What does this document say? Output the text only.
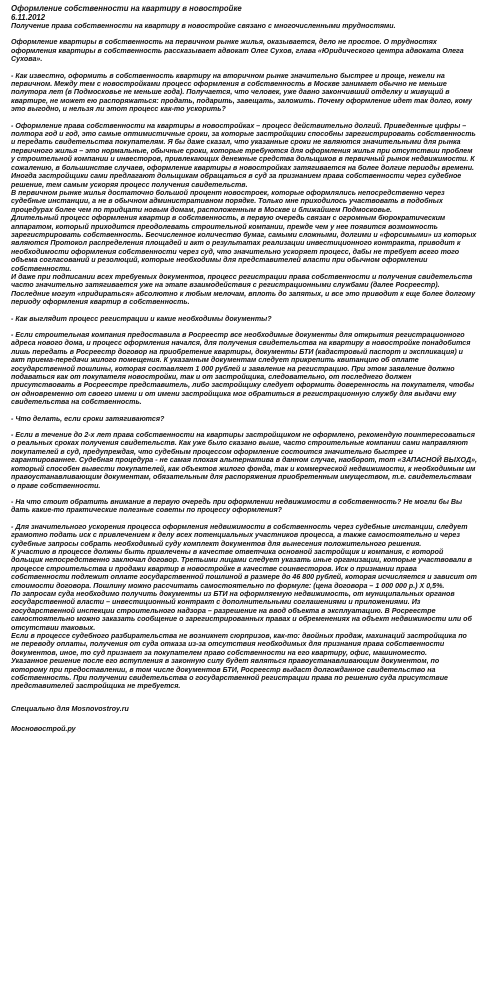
Оформление собственности на квартиру в новостройке
6.11.2012
Получение права собственности на квартиру в новостройке связано с многочисленными трудностями.

Оформление квартиры в собственность на первичном рынке жилья, оказывается, дело не простое. О трудностях оформления квартиры в собственность рассказывает адвокат Олег Сухов, глава «Юридического центра адвоката Олега Сухова».

- Как известно, оформить в собственность квартиру на вторичном рынке значительно быстрее и проще, нежели на первичном. Между тем с новостройками процесс оформления в собственность в Москве занимает обычно не меньше полутора лет (в Подмосковье не меньше года). Получается, что человек, уже давно закончивший отделку и живущий в квартире, не может ею распоряжаться: продать, подарить, завещать, заложить. Почему оформление идет так долго, кому это выгодно, и нельзя ли этот процесс как-то ускорить?

- Оформление права собственности на квартиры в новостройках – процесс действительно долгий. Приведенные цифры – полтора год и год, это самые оптимистичные сроки, за которые застройщики способны зарегистрировать собственность и передать свидетельства покупателям. Я бы даже сказал, что указанные сроки не являются значительными для рынка первичного жилья – это нормальные, обычные сроки, которые требуются для оформления жилья при отсутствии проблем у строительной компании и инвесторов, привлекающих денежные средства дольщиков в первичный рынок недвижимости. К сожалению, в большинстве случаев, оформление квартиры в новостройках затягивается на более долгие периоды времени. Иногда застройщики сами предлагают дольщикам обращаться в суд за признанием права собственности через судебное решение, тем самым ускоряя процесс получения свидетельств.

В первичном рынке жилья достаточно большой процент новостроек, которые оформлялись непосредственно через судебные инстанции, а не в обычном административном порядке. Только мне приходилось участвовать в подобных процедурах более чем по тридцати новым домам, расположенным в Москве и ближайшем Подмосковье.

Длительный процесс оформления квартир в собственность, в первую очередь связан с огромным бюрократическим аппаратом, который приходится преодолевать строительной компании, прежде чем у нее появится возможность зарегистрировать собственность. Бесчисленное количество бумаг, самыми сложными, долгими и «форсимыми» из которых являются Протокол распределения площадей и акт о результатах реализации инвестиционного контракта, приводит к необходимости оформления собственности через суд, что значительно ускоряет процесс, дабы не требует всего того объема согласований и резолюций, которые необходимы для представителей власти при обычном оформлении собственности.

И даже при подписании всех требуемых документов, процесс регистрации права собственности и получения свидетельств часто значительно затягивается уже на этапе взаимодействия с регистрационными службами (далее Росреестр). Последние могут «придираться» абсолютно к любым мелочам, вплоть до запятых, и все это приводит к еще более долгому периоду оформления квартир в собственность.

- Как выглядит процесс регистрации и какие необходимы документы?

- Если строительная компания предоставила в Росреестр все необходимые документы для открытия регистрационного адреса нового дома, и процесс оформления начался, для получения свидетельства на квартиру в новостройке понадобится лишь передать в Росреестр договор на приобретение квартиры, документы БТИ (кадастровый паспорт и экспликация) и акт приема-передачи жилого помещения. К указанным документам следует прикрепить квитанцию об оплате государственной пошлины, которая составляет 1 000 рублей и заявление на регистрацию. При этом заявление должно подаваться как от покупателя новостройки, так и от застройщика, следовательно, от последнего должен присутствовать в Росреестре представитель, либо застройщику следует оформить доверенность на покупателя, чтобы он одновременно от своего имени и от имени застройщика мог обратиться в регистрационную службу для выдачи ему свидетельства на собственность.

- Что делать, если сроки затягиваются?

- Если в течение до 2-х лет права собственности на квартиры застройщиком не оформлено, рекомендую поинтересоваться о реальных сроках получения свидетельств. Как уже было сказано выше, часто строительные компании сами направляют покупателей в суд, предупреждая, что судебным процессом оформление состоится значительно быстрее и гарантированнее. Судебная процедура - не самая плохая альтернатива в данном случае, наоборот, тот «ЗАПАСНОЙ ВЫХОД», который способен вывести покупателей, как объектов жилого фонда, так и коммерческой недвижимости, к необходимым им правоустанавливающим документам, обязательным для распоряжения приобретенным имуществом, т.е. свидетельствам о праве собственности.

- На что стоит обратить внимание в первую очередь при оформлении недвижимости в собственность? Не могли бы Вы дать какие-то практические полезные советы по процессу оформления?

- Для значительного ускорения процесса оформления недвижимости в собственность через судебные инстанции, следует грамотно подать иск с привлечением к делу всех потенциальных участников процесса, а также самостоятельно и через судебные запросы собрать необходимый суду комплект документов для вынесения положительного решения.

К участию в процессе должны быть привлечены в качестве ответчика основной застройщик и компания, с которой дольщик непосредственно заключал договор. Третьими лицами следует указать иные организации, которые участвовали в процессе строительства и продажи квартир в новостройке в качестве соинвесторов. Иск о признании права собственности подлежит оплате государственной пошлиной в размере до 46 800 рублей, которая исчисляется и зависит от стоимости договора. Пошлину можно рассчитать самостоятельно по формуле: (цена договора – 1 000 000 р.) Х 0,5%.

По запросам суда необходимо получить документы из БТИ на оформляемую недвижимость, от муниципальных органов государственной власти – инвестиционный контракт с дополнительными соглашениями и приложениями. Из государственной инспекции строительного надзора – разрешение на ввод объекта в эксплуатацию. В Росреестре самостоятельно можно заказать сообщение о зарегистрированных правах и обременениях на объект недвижимости или об отсутствии таковых.

Если в процессе судебного разбирательства не возникнет сюрпризов, как-то: двойных продаж, махинаций застройщика по не переводу оплаты, получения от суда отказа из-за отсутствия необходимых для признания права собственности документов, иное, то суд признает за покупателем право собственности на его квартиру, офис, машиноместо.

Указанное решение после его вступления в законную силу будет являться правоустанавливающим документом, по которому при предоставлении, в том числе документов БТИ, Росреестр выдаст долгожданное свидетельство на собственность. При получении свидетельства о государственной регистрации права по решению суда присутствие представителей застройщика не требуется.

Специально для Mosnovostroy.ru
Мосновострой.ру
